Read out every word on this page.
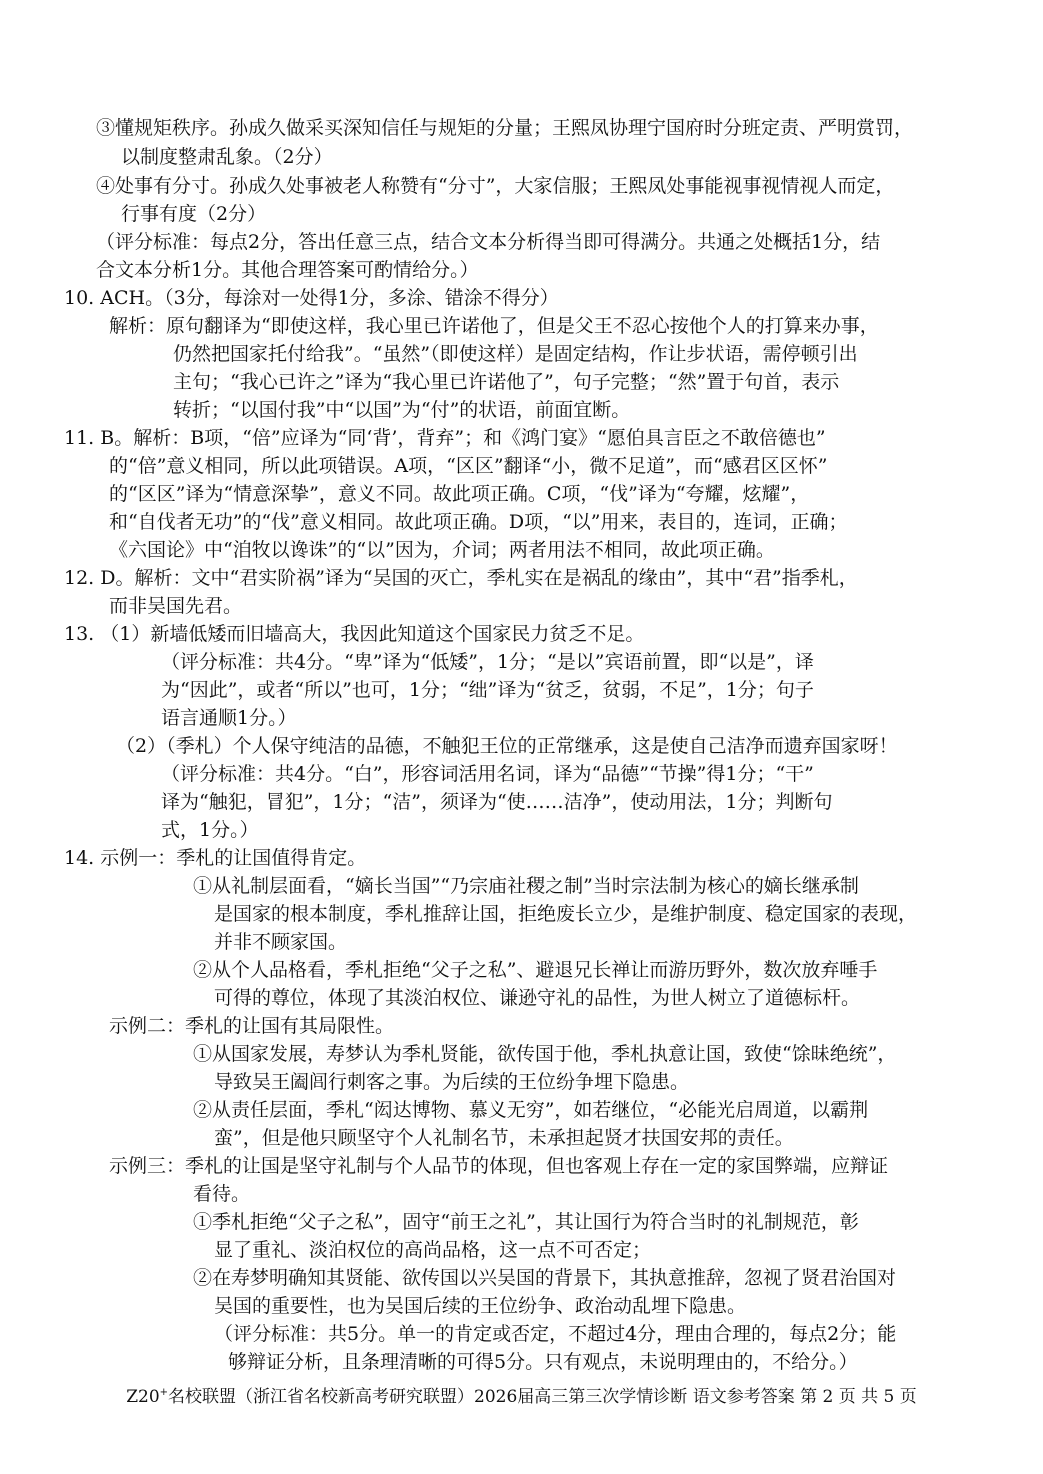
③懂规矩秩序。孙成久做采买深知信任与规矩的分量；王熙凤协理宁国府时分班定责、严明赏罚，
以制度整肃乱象。（2分）
④处事有分寸。孙成久处事被老人称赞有“分寸”，大家信服；王熙凤处事能视事视情视人而定，
行事有度（2分）
（评分标准：每点2分，答出任意三点，结合文本分析得当即可得满分。共通之处概括1分，结
合文本分析1分。其他合理答案可酌情给分。）
10. ACH。（3分，每涂对一处得1分，多涂、错涂不得分）
解析：原句翻译为“即使这样，我心里已许诺他了，但是父王不忍心按他个人的打算来办事，
仍然把国家托付给我”。“虽然”（即使这样）是固定结构，作让步状语，需停顿引出
主句；“我心已许之”译为“我心里已许诺他了”，句子完整；“然”置于句首，表示
转折；“以国付我”中“以国”为“付”的状语，前面宜断。
11. B。解析：B项，“倍”应译为“同‘背’，背弃”；和《鸿门宴》“愿伯具言臣之不敢倍德也”
的“倍”意义相同，所以此项错误。A项，“区区”翻译“小，微不足道”，而“感君区区怀”
的“区区”译为“情意深挚”，意义不同。故此项正确。C项，“伐”译为“夸耀，炫耀”，
和“自伐者无功”的“伐”意义相同。故此项正确。D项，“以”用来，表目的，连词，正确；
《六国论》中“洎牧以谗诛”的“以”因为，介词；两者用法不相同，故此项正确。
12. D。解析：文中“君实阶祸”译为“吴国的灭亡，季札实在是祸乱的缘由”，其中“君”指季札，
而非吴国先君。
13. （1）新墙低矮而旧墙高大，我因此知道这个国家民力贫乏不足。
（评分标准：共4分。“卑”译为“低矮”，1分；“是以”宾语前置，即“以是”，译
为“因此”，或者“所以”也可，1分；“绌”译为“贫乏，贫弱，不足”，1分；句子
语言通顺1分。）
（2）（季札）个人保守纯洁的品德，不触犯王位的正常继承，这是使自己洁净而遗弃国家呀！
（评分标准：共4分。“白”，形容词活用名词，译为“品德”“节操”得1分；“干”
译为“触犯，冒犯”，1分；“洁”，须译为“使……洁净”，使动用法，1分；判断句
式，1分。）
14. 示例一：季札的让国值得肯定。
①从礼制层面看，“嫡长当国”“乃宗庙社稷之制”当时宗法制为核心的嫡长继承制
是国家的根本制度，季札推辞让国，拒绝废长立少，是维护制度、稳定国家的表现，
并非不顾家国。
②从个人品格看，季札拒绝“父子之私”、避退兄长禅让而游历野外，数次放弃唾手
可得的尊位，体现了其淡泊权位、谦逊守礼的品性，为世人树立了道德标杆。
示例二：季札的让国有其局限性。
①从国家发展，寿梦认为季札贤能，欲传国于他，季札执意让国，致使“馀昧绝统”，
导致吴王阖闾行刺客之事。为后续的王位纷争埋下隐患。
②从责任层面，季札“闳达博物、慕义无穷”，如若继位，“必能光启周道，以霸荆
蛮”，但是他只顾坚守个人礼制名节，未承担起贤才扶国安邦的责任。
示例三：季札的让国是坚守礼制与个人品节的体现，但也客观上存在一定的家国弊端，应辩证
看待。
①季札拒绝“父子之私”，固守“前王之礼”，其让国行为符合当时的礼制规范，彰
显了重礼、淡泊权位的高尚品格，这一点不可否定；
②在寿梦明确知其贤能、欲传国以兴吴国的背景下，其执意推辞，忽视了贤君治国对
吴国的重要性，也为吴国后续的王位纷争、政治动乱埋下隐患。
（评分标准：共5分。单一的肯定或否定，不超过4分，理由合理的，每点2分；能
够辩证分析，且条理清晰的可得5分。只有观点，未说明理由的，不给分。）
Z20+名校联盟（浙江省名校新高考研究联盟）2026届高三第三次学情诊断 语文参考答案 第 2 页 共 5 页
